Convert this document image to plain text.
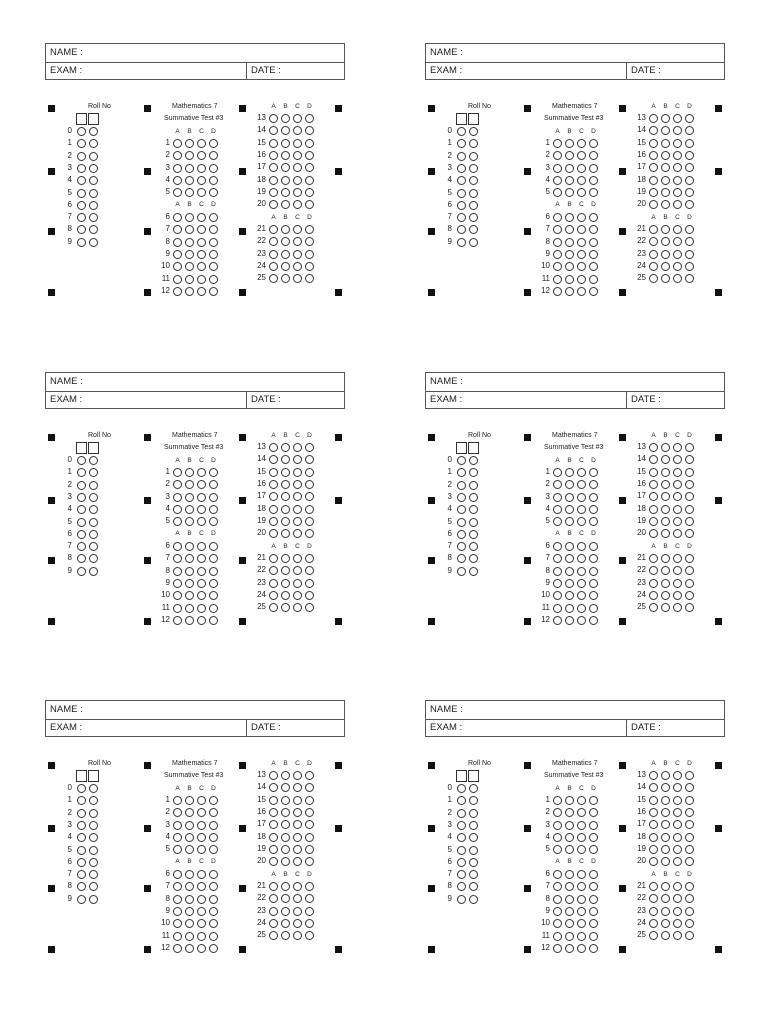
NAME :
EXAM :	DATE :
Roll No
0
1
2
3
4
5
6
7
8
9
Mathematics 7
Summative Test #3
A	B	C	D
1
2
3
4
5
A	B	C	D
6
7
8
9
10
11
12
A	B	C	D
13
14
15
16
17
18
19
20
A	B	C	D
21
22
23
24
25
NAME :
EXAM :	DATE :
Roll No
0
1
2
3
4
5
6
7
8
9
Mathematics 7
Summative Test #3
A	B	C	D
1
2
3
4
5
A	B	C	D
6
7
8
9
10
11
12
A	B	C	D
13
14
15
16
17
18
19
20
A	B	C	D
21
22
23
24
25
NAME :
EXAM :	DATE :
Roll No
0
1
2
3
4
5
6
7
8
9
Mathematics 7
Summative Test #3
A	B	C	D
1
2
3
4
5
A	B	C	D
6
7
8
9
10
11
12
A	B	C	D
13
14
15
16
17
18
19
20
A	B	C	D
21
22
23
24
25
NAME :
EXAM :	DATE :
Roll No
0
1
2
3
4
5
6
7
8
9
Mathematics 7
Summative Test #3
A	B	C	D
1
2
3
4
5
A	B	C	D
6
7
8
9
10
11
12
A	B	C	D
13
14
15
16
17
18
19
20
A	B	C	D
21
22
23
24
25
NAME :
EXAM :	DATE :
Roll No
0
1
2
3
4
5
6
7
8
9
Mathematics 7
Summative Test #3
A	B	C	D
1
2
3
4
5
A	B	C	D
6
7
8
9
10
11
12
A	B	C	D
13
14
15
16
17
18
19
20
A	B	C	D
21
22
23
24
25
NAME :
EXAM :	DATE :
Roll No
0
1
2
3
4
5
6
7
8
9
Mathematics 7
Summative Test #3
A	B	C	D
1
2
3
4
5
A	B	C	D
6
7
8
9
10
11
12
A	B	C	D
13
14
15
16
17
18
19
20
A	B	C	D
21
22
23
24
25
